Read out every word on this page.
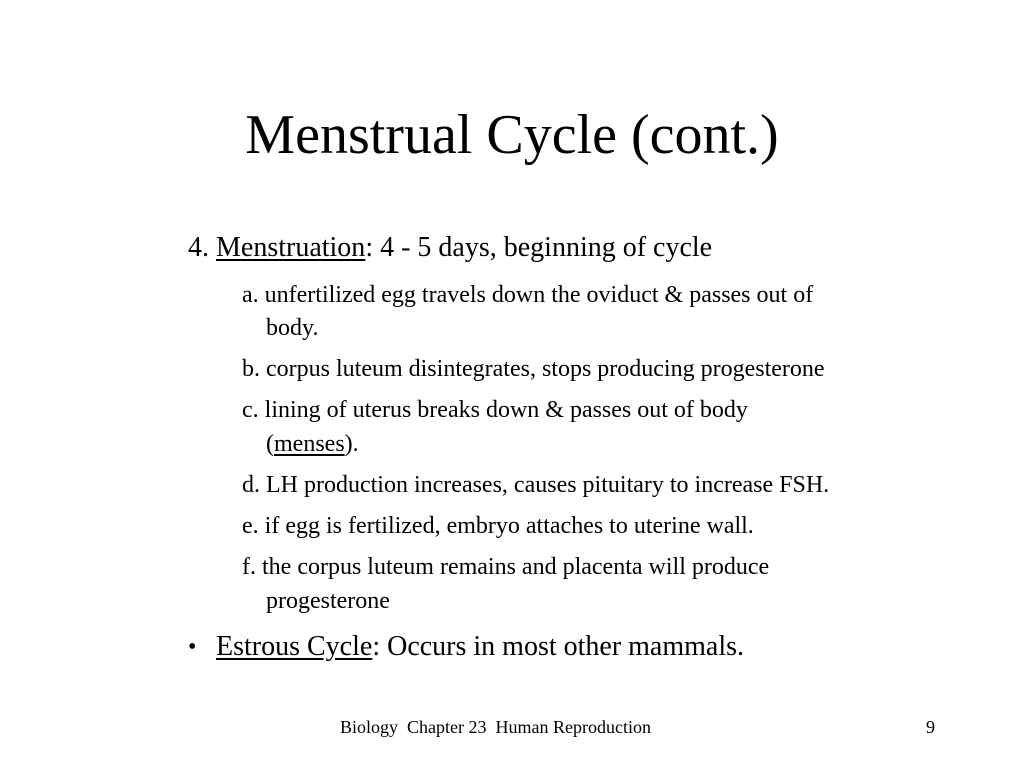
Menstrual Cycle (cont.)
4. Menstruation: 4 - 5 days, beginning of cycle
a. unfertilized egg travels down the oviduct & passes out of
body.
b. corpus luteum disintegrates, stops producing progesterone
c. lining of uterus breaks down & passes out of body
(menses).
d. LH production increases, causes pituitary to increase FSH.
e. if egg is fertilized, embryo attaches to uterine wall.
f. the corpus luteum remains and placenta will produce
progesterone
• Estrous Cycle: Occurs in most other mammals.
Biology  Chapter 23  Human Reproduction	9
